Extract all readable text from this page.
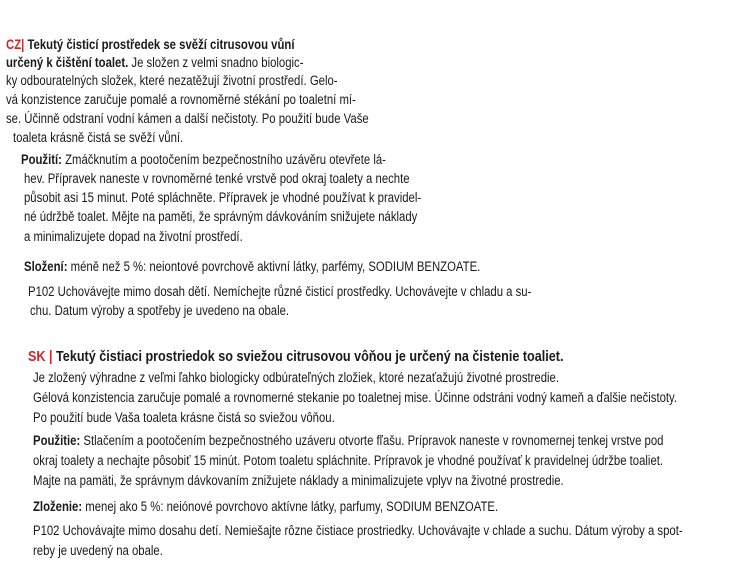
CZ| Tekutý čisticí prostředek se svěží citrusovou vůní
určený k čištění toalet. Je složen z velmi snadno biologic-
ky odbouratelných složek, které nezatěžují životní prostředí. Gelo-
vá konzistence zaručuje pomalé a rovnoměrné stékání po toaletní mí-
se. Účinně odstraní vodní kámen a další nečistoty. Po použití bude Vaše
toaleta krásně čistá se svěží vůní.
Použití: Zmáčknutím a pootočením bezpečnostního uzávěru otevřete lá-
hev. Přípravek naneste v rovnoměrné tenké vrstvě pod okraj toalety a nechte
působit asi 15 minut. Poté spláchněte. Přípravek je vhodné používat k pravidel-
né údržbě toalet. Mějte na paměti, že správným dávkováním snižujete náklady
a minimalizujete dopad na životní prostředí.
Složení: méně než 5 %: neiontové povrchově aktivní látky, parfémy, SODIUM BENZOATE.
P102 Uchovávejte mimo dosah dětí. Nemíchejte různé čisticí prostředky. Uchovávejte v chladu a su-
chu. Datum výroby a spotřeby je uvedeno na obale.
SK | Tekutý čistiaci prostriedok so sviežou citrusovou vôňou je určený na čistenie toaliet.
Je zložený výhradne z veľmi ľahko biologicky odbúrateľných zložiek, ktoré nezaťažujú životné prostredie.
Gélová konzistencia zaručuje pomalé a rovnomerné stekanie po toaletnej mise. Účinne odstráni vodný kameň a ďalšie nečistoty.
Po použití bude Vaša toaleta krásne čistá so sviežou vôňou.
Použitie: Stlačením a pootočením bezpečnostného uzáveru otvorte fľašu. Prípravok naneste v rovnomernej tenkej vrstve pod
okraj toalety a nechajte pôsobiť 15 minút. Potom toaletu spláchnite. Prípravok je vhodné používať k pravidelnej údržbe toaliet.
Majte na pamäti, že správnym dávkovaním znižujete náklady a minimalizujete vplyv na životné prostredie.
Zloženie: menej ako 5 %: neiónové povrchovo aktívne látky, parfumy, SODIUM BENZOATE.
P102 Uchovávajte mimo dosahu detí. Nemiešajte rôzne čistiace prostriedky. Uchovávajte v chlade a suchu. Dátum výroby a spot-
reby je uvedený na obale.
